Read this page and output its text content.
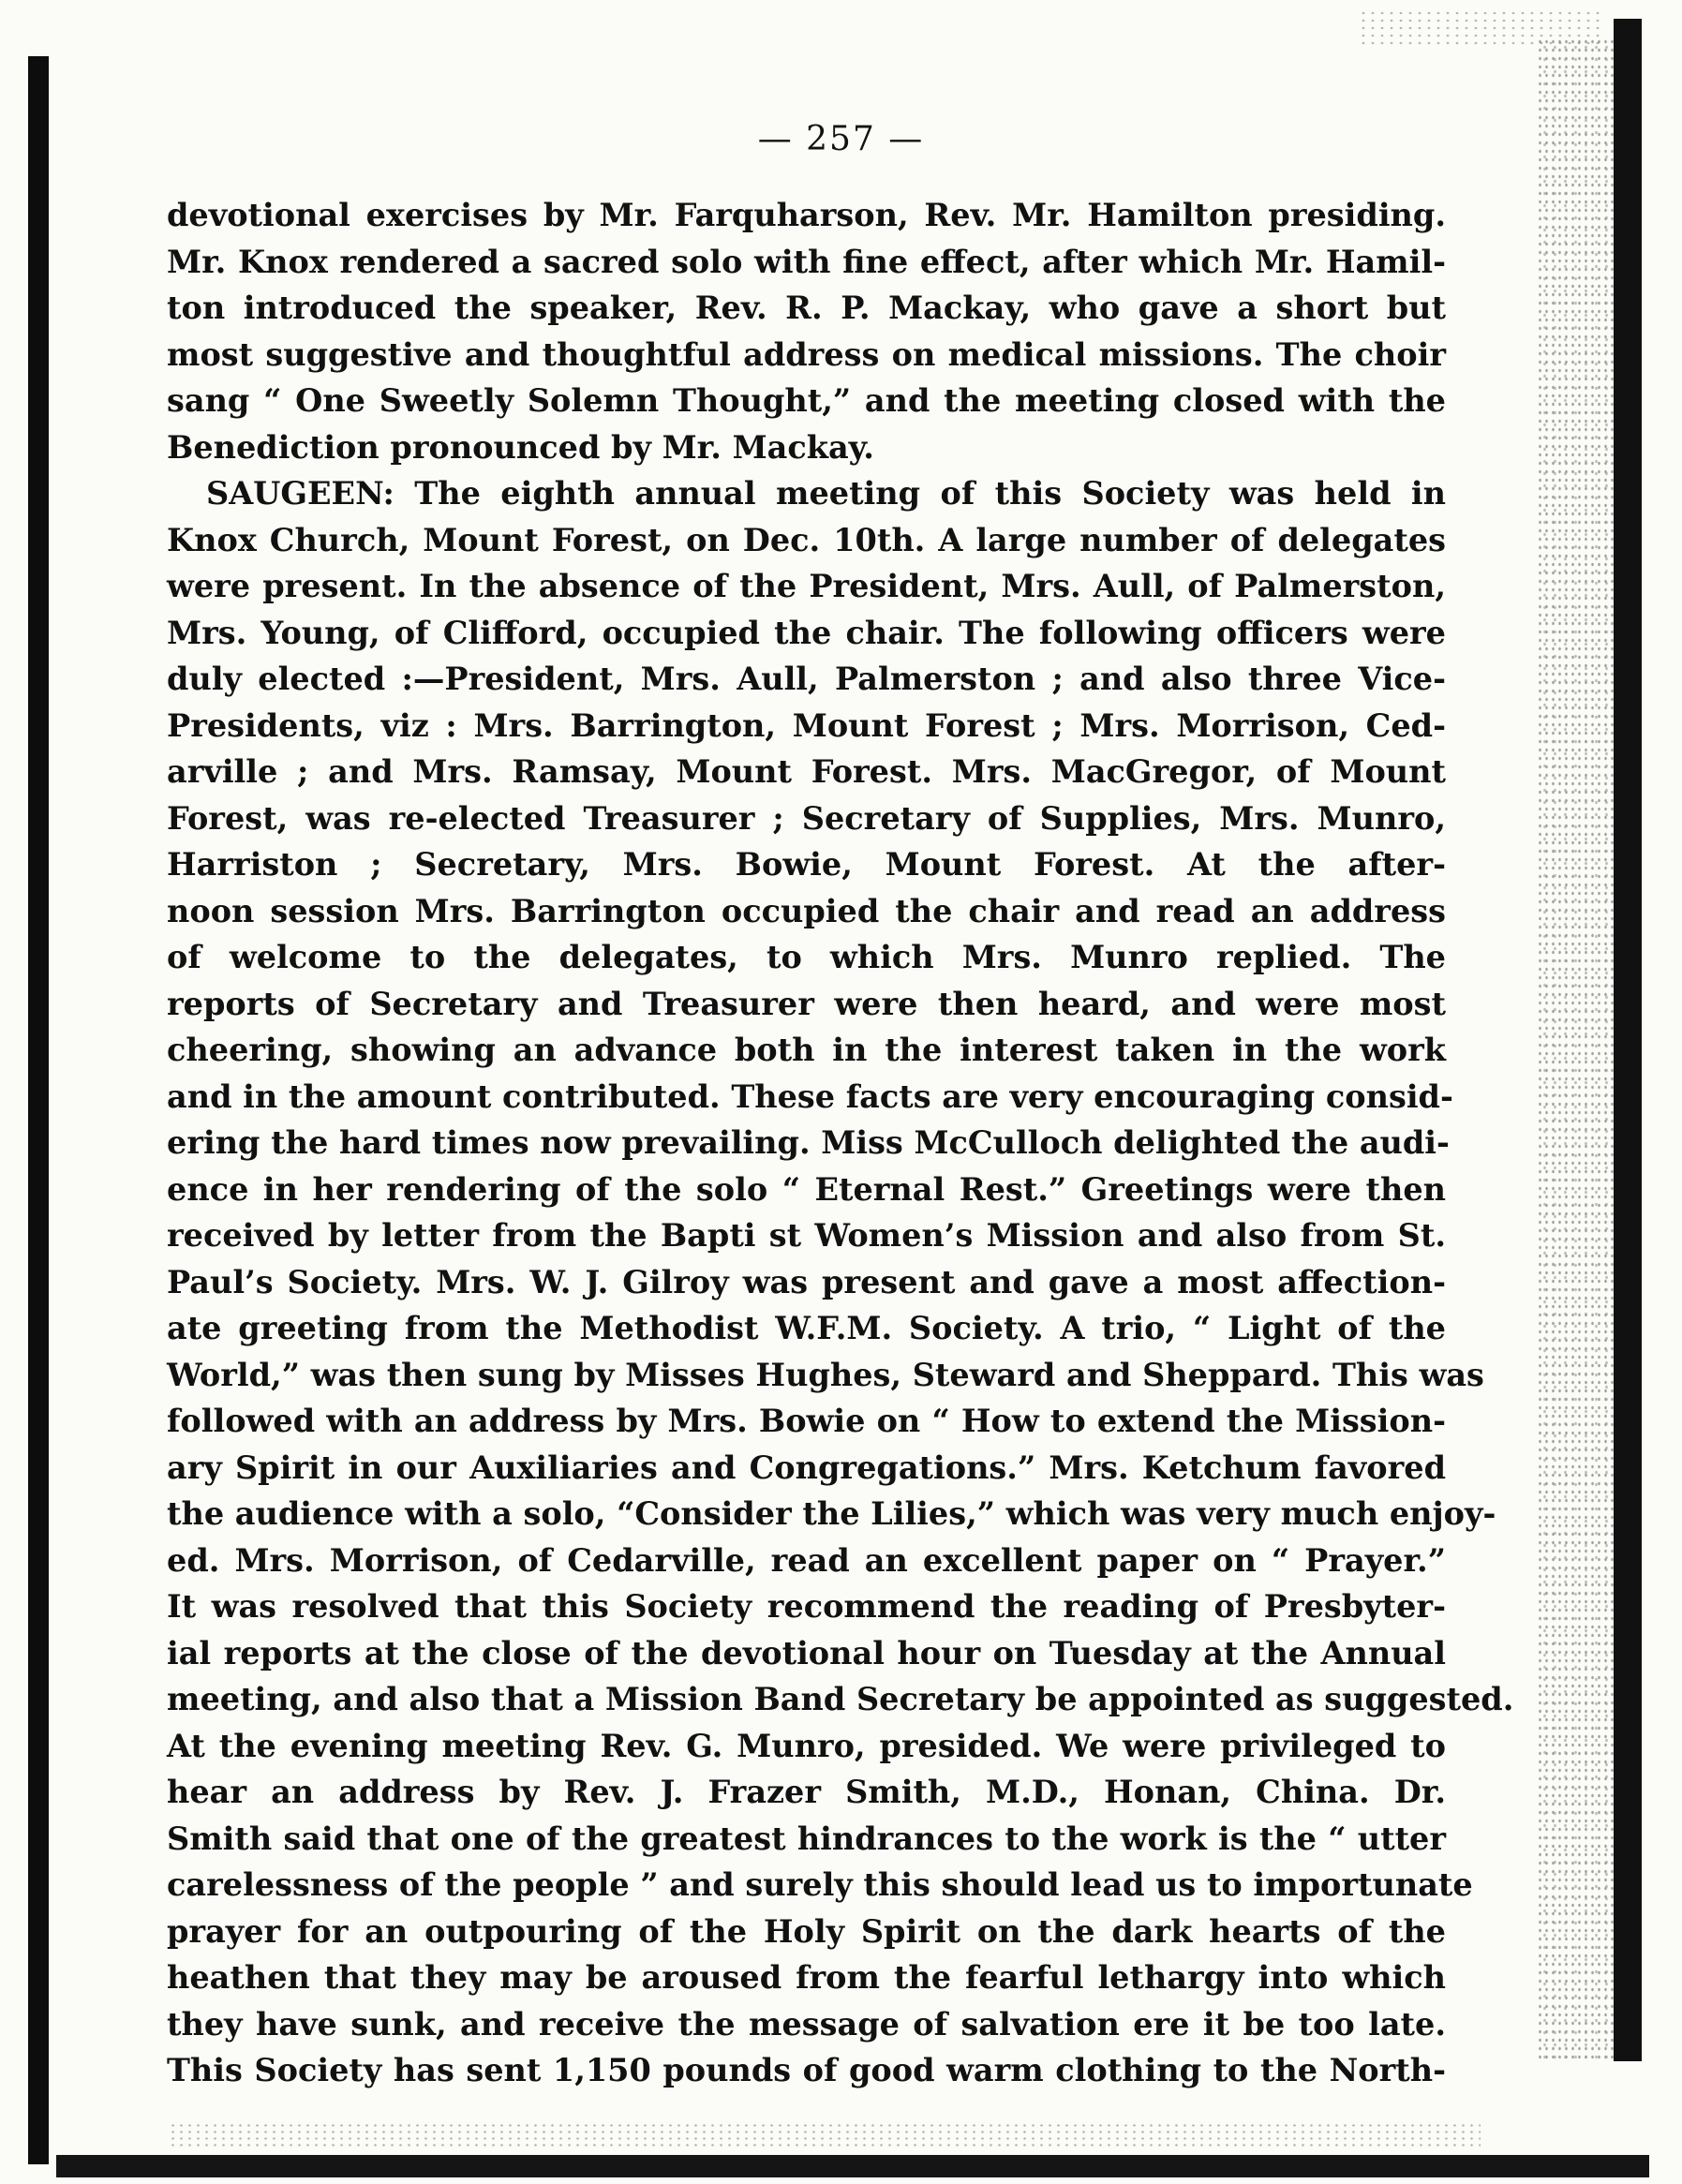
— 257 —
devotional exercises by Mr. Farquharson, Rev. Mr. Hamilton presiding.
Mr. Knox rendered a sacred solo with fine effect, after which Mr. Hamil-
ton introduced the speaker, Rev. R. P. Mackay, who gave a short but
most suggestive and thoughtful address on medical missions. The choir
sang “ One Sweetly Solemn Thought,” and the meeting closed with the
Benediction pronounced by Mr. Mackay.
SAUGEEN: The eighth annual meeting of this Society was held in
Knox Church, Mount Forest, on Dec. 10th. A large number of delegates
were present. In the absence of the President, Mrs. Aull, of Palmerston,
Mrs. Young, of Clifford, occupied the chair. The following officers were
duly elected :—President, Mrs. Aull, Palmerston ; and also three Vice-
Presidents, viz : Mrs. Barrington, Mount Forest ; Mrs. Morrison, Ced-
arville ; and Mrs. Ramsay, Mount Forest. Mrs. MacGregor, of Mount
Forest, was re-elected Treasurer ; Secretary of Supplies, Mrs. Munro,
Harriston ; Secretary, Mrs. Bowie, Mount Forest. At the after-
noon session Mrs. Barrington occupied the chair and read an address
of welcome to the delegates, to which Mrs. Munro replied. The
reports of Secretary and Treasurer were then heard, and were most
cheering, showing an advance both in the interest taken in the work
and in the amount contributed. These facts are very encouraging consid-
ering the hard times now prevailing. Miss McCulloch delighted the audi-
ence in her rendering of the solo “ Eternal Rest.” Greetings were then
received by letter from the Bapti st Women’s Mission and also from St.
Paul’s Society. Mrs. W. J. Gilroy was present and gave a most affection-
ate greeting from the Methodist W.F.M. Society. A trio, “ Light of the
World,” was then sung by Misses Hughes, Steward and Sheppard. This was
followed with an address by Mrs. Bowie on “ How to extend the Mission-
ary Spirit in our Auxiliaries and Congregations.” Mrs. Ketchum favored
the audience with a solo, “Consider the Lilies,” which was very much enjoy-
ed. Mrs. Morrison, of Cedarville, read an excellent paper on “ Prayer.”
It was resolved that this Society recommend the reading of Presbyter-
ial reports at the close of the devotional hour on Tuesday at the Annual
meeting, and also that a Mission Band Secretary be appointed as suggested.
At the evening meeting Rev. G. Munro, presided. We were privileged to
hear an address by Rev. J. Frazer Smith, M.D., Honan, China. Dr.
Smith said that one of the greatest hindrances to the work is the “ utter
carelessness of the people ” and surely this should lead us to importunate
prayer for an outpouring of the Holy Spirit on the dark hearts of the
heathen that they may be aroused from the fearful lethargy into which
they have sunk, and receive the message of salvation ere it be too late.
This Society has sent 1,150 pounds of good warm clothing to the North-
